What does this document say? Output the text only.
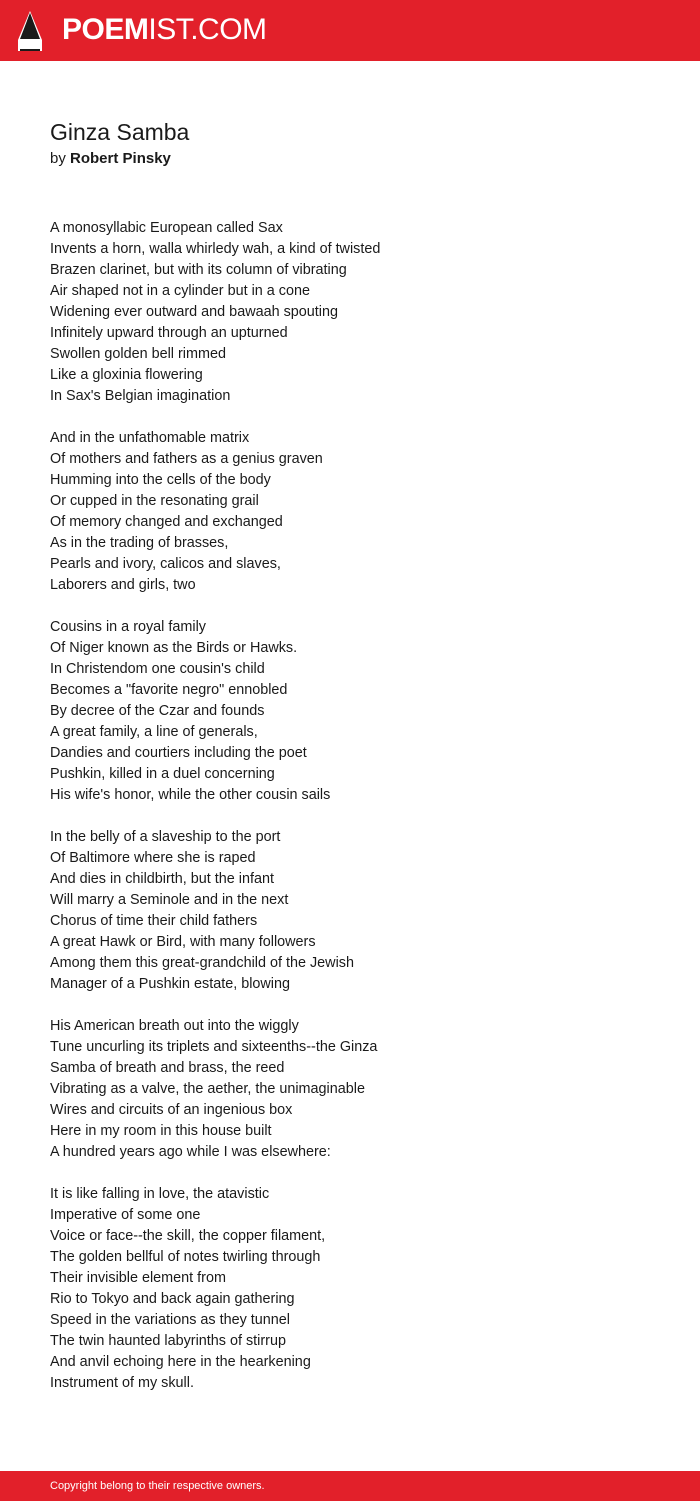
POEMIST.COM
Ginza Samba
by Robert Pinsky
A monosyllabic European called Sax
Invents a horn, walla whirledy wah, a kind of twisted
Brazen clarinet, but with its column of vibrating
Air shaped not in a cylinder but in a cone
Widening ever outward and bawaah spouting
Infinitely upward through an upturned
Swollen golden bell rimmed
Like a gloxinia flowering
In Sax's Belgian imagination
And in the unfathomable matrix
Of mothers and fathers as a genius graven
Humming into the cells of the body
Or cupped in the resonating grail
Of memory changed and exchanged
As in the trading of brasses,
Pearls and ivory, calicos and slaves,
Laborers and girls, two
Cousins in a royal family
Of Niger known as the Birds or Hawks.
In Christendom one cousin's child
Becomes a "favorite negro" ennobled
By decree of the Czar and founds
A great family, a line of generals,
Dandies and courtiers including the poet
Pushkin, killed in a duel concerning
His wife's honor, while the other cousin sails
In the belly of a slaveship to the port
Of Baltimore where she is raped
And dies in childbirth, but the infant
Will marry a Seminole and in the next
Chorus of time their child fathers
A great Hawk or Bird, with many followers
Among them this great-grandchild of the Jewish
Manager of a Pushkin estate, blowing
His American breath out into the wiggly
Tune uncurling its triplets and sixteenths--the Ginza
Samba of breath and brass, the reed
Vibrating as a valve, the aether, the unimaginable
Wires and circuits of an ingenious box
Here in my room in this house built
A hundred years ago while I was elsewhere:
It is like falling in love, the atavistic
Imperative of some one
Voice or face--the skill, the copper filament,
The golden bellful of notes twirling through
Their invisible element from
Rio to Tokyo and back again gathering
Speed in the variations as they tunnel
The twin haunted labyrinths of stirrup
And anvil echoing here in the hearkening
Instrument of my skull.
Copyright belong to their respective owners.
